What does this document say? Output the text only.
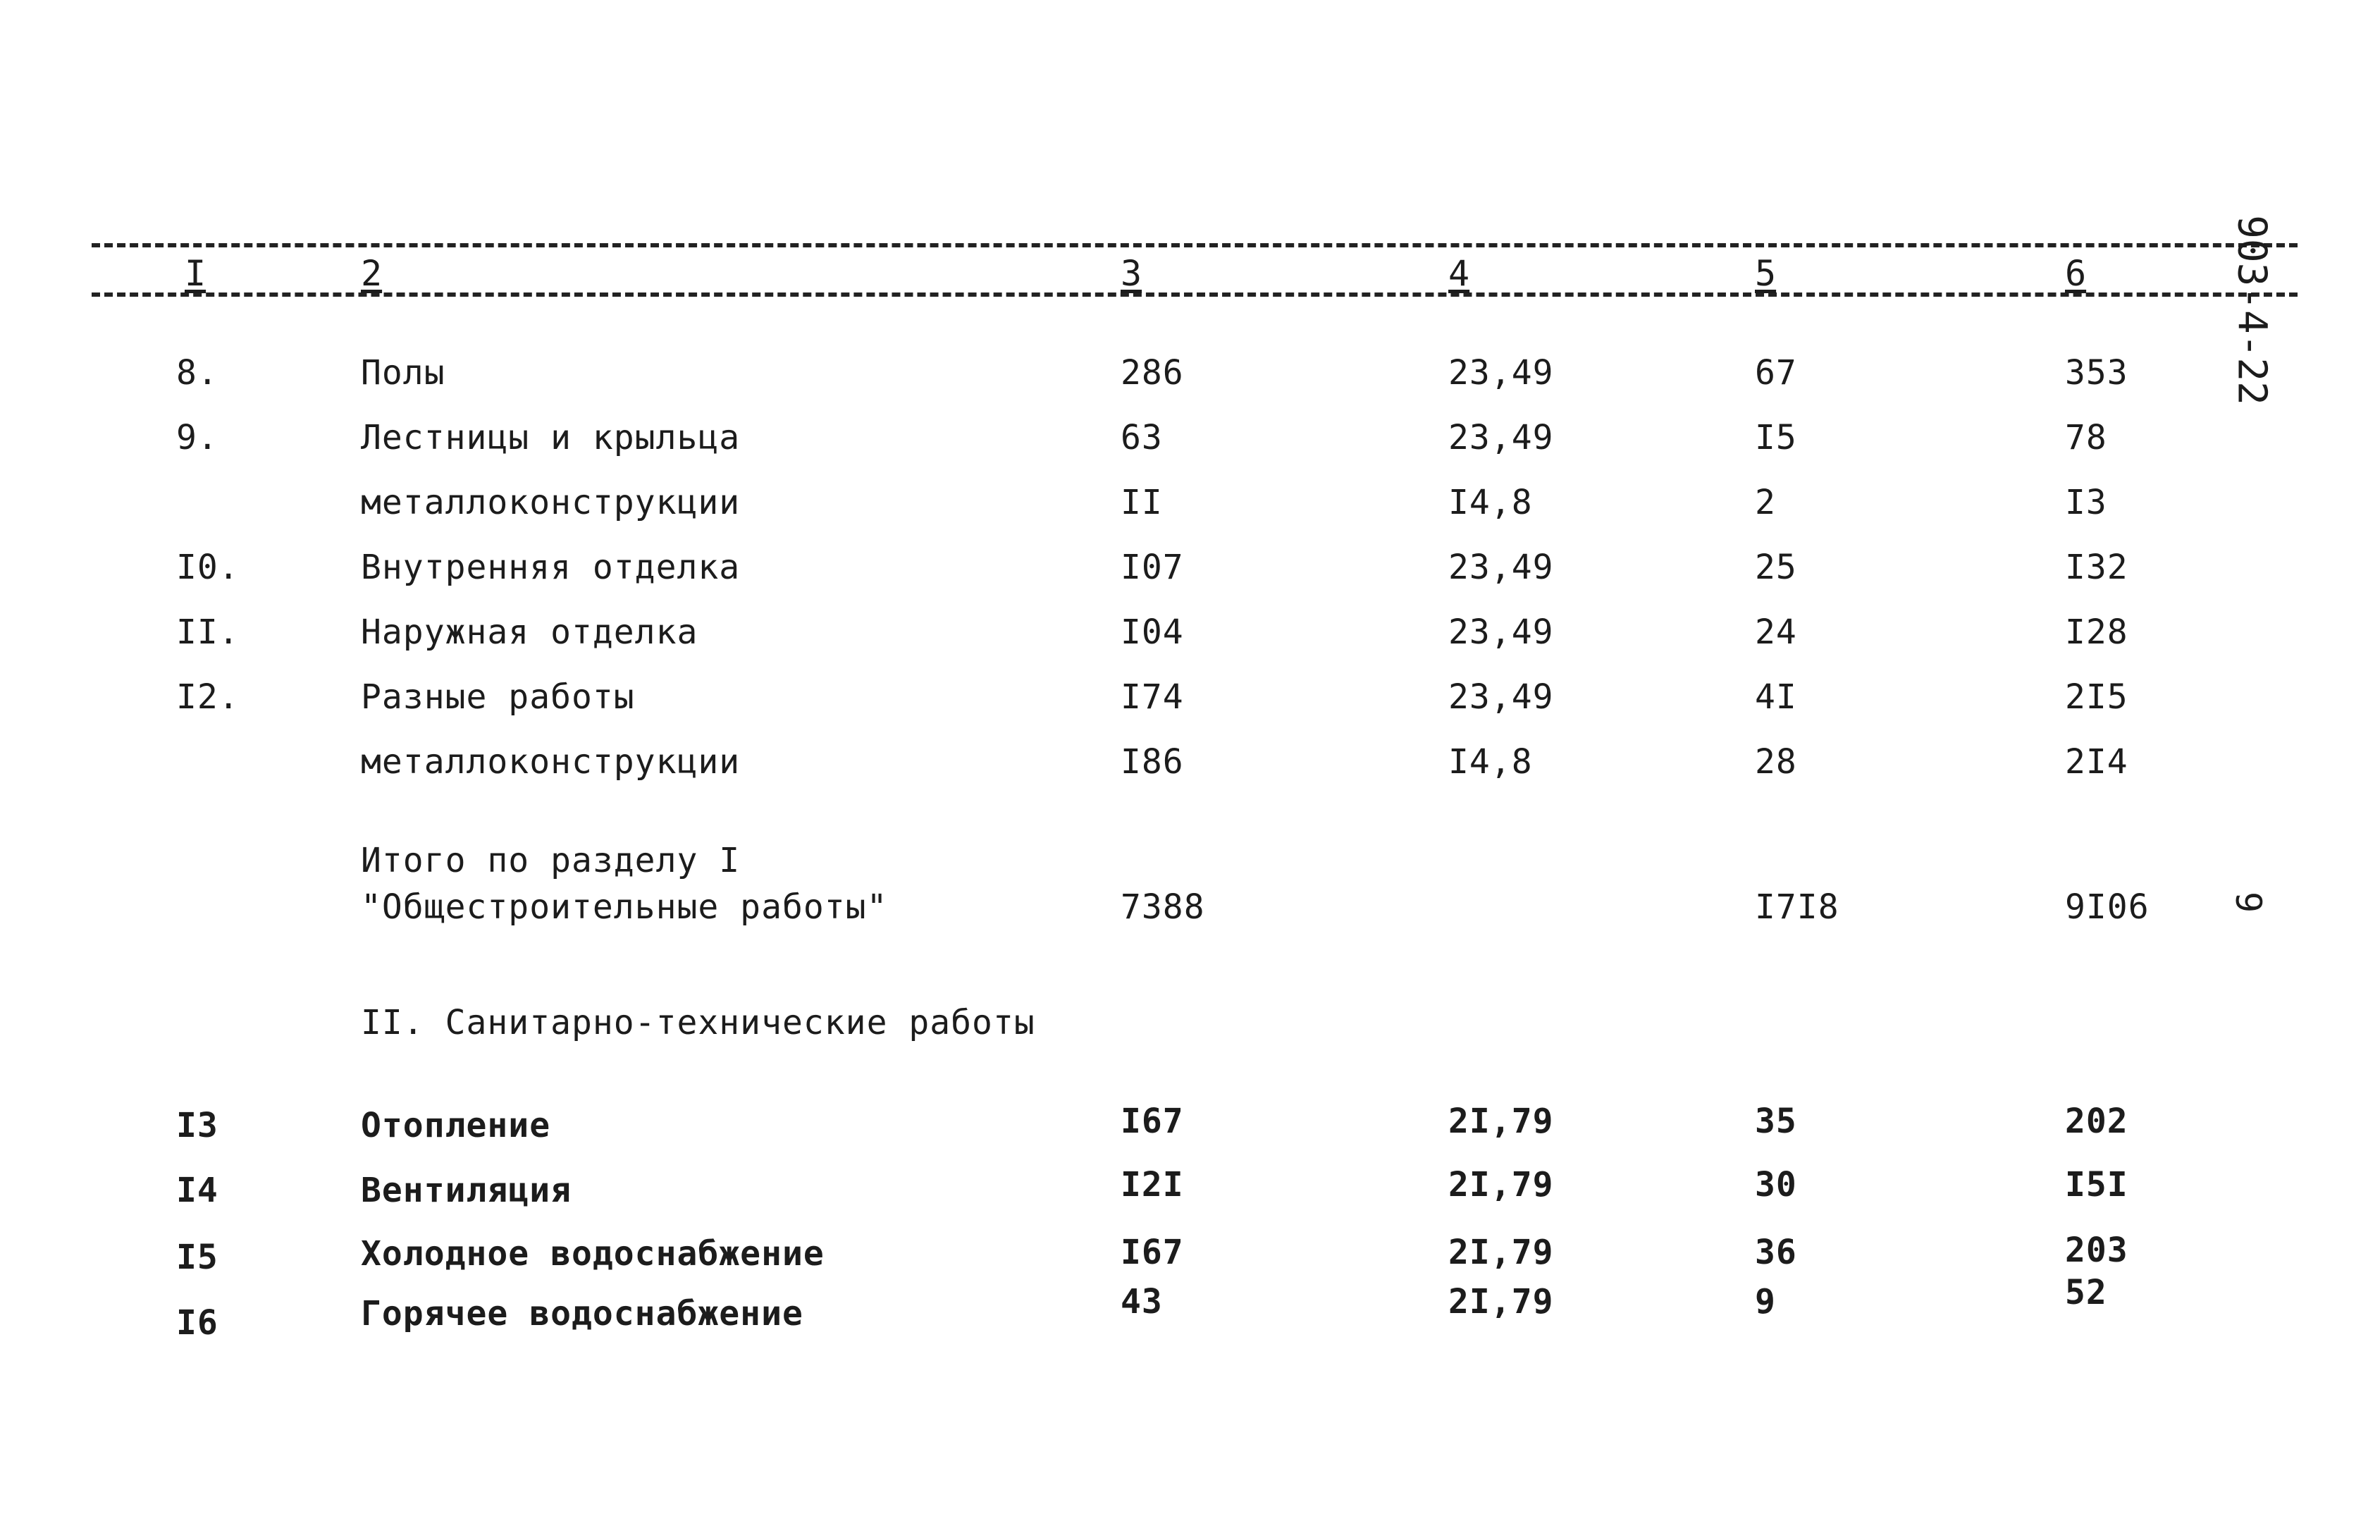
I	2	3	4	5	6	903-4-22
8.	Полы	286	23,49	67	353
9.	Лестницы и крыльца	63	23,49	I5	78
металлоконструкции	II	I4,8	2	I3
I0.	Внутренняя отделка	I07	23,49	25	I32
II.	Наружная отделка	I04	23,49	24	I28
I2.	Разные работы	I74	23,49	4I	2I5
металлоконструкции	I86	I4,8	28	2I4
Итого по разделу I
"Общестроительные работы"	7388	I7I8	9I06 9
II. Санитарно-технические работы
I3	Отопление	I67	2I,79	35	202
I4	Вентиляция	I2I	2I,79	30	I5I
I5	Холодное водоснабжение	I67	2I,79	36	203
I6	Горячее водоснабжение	43	2I,79	9	52
